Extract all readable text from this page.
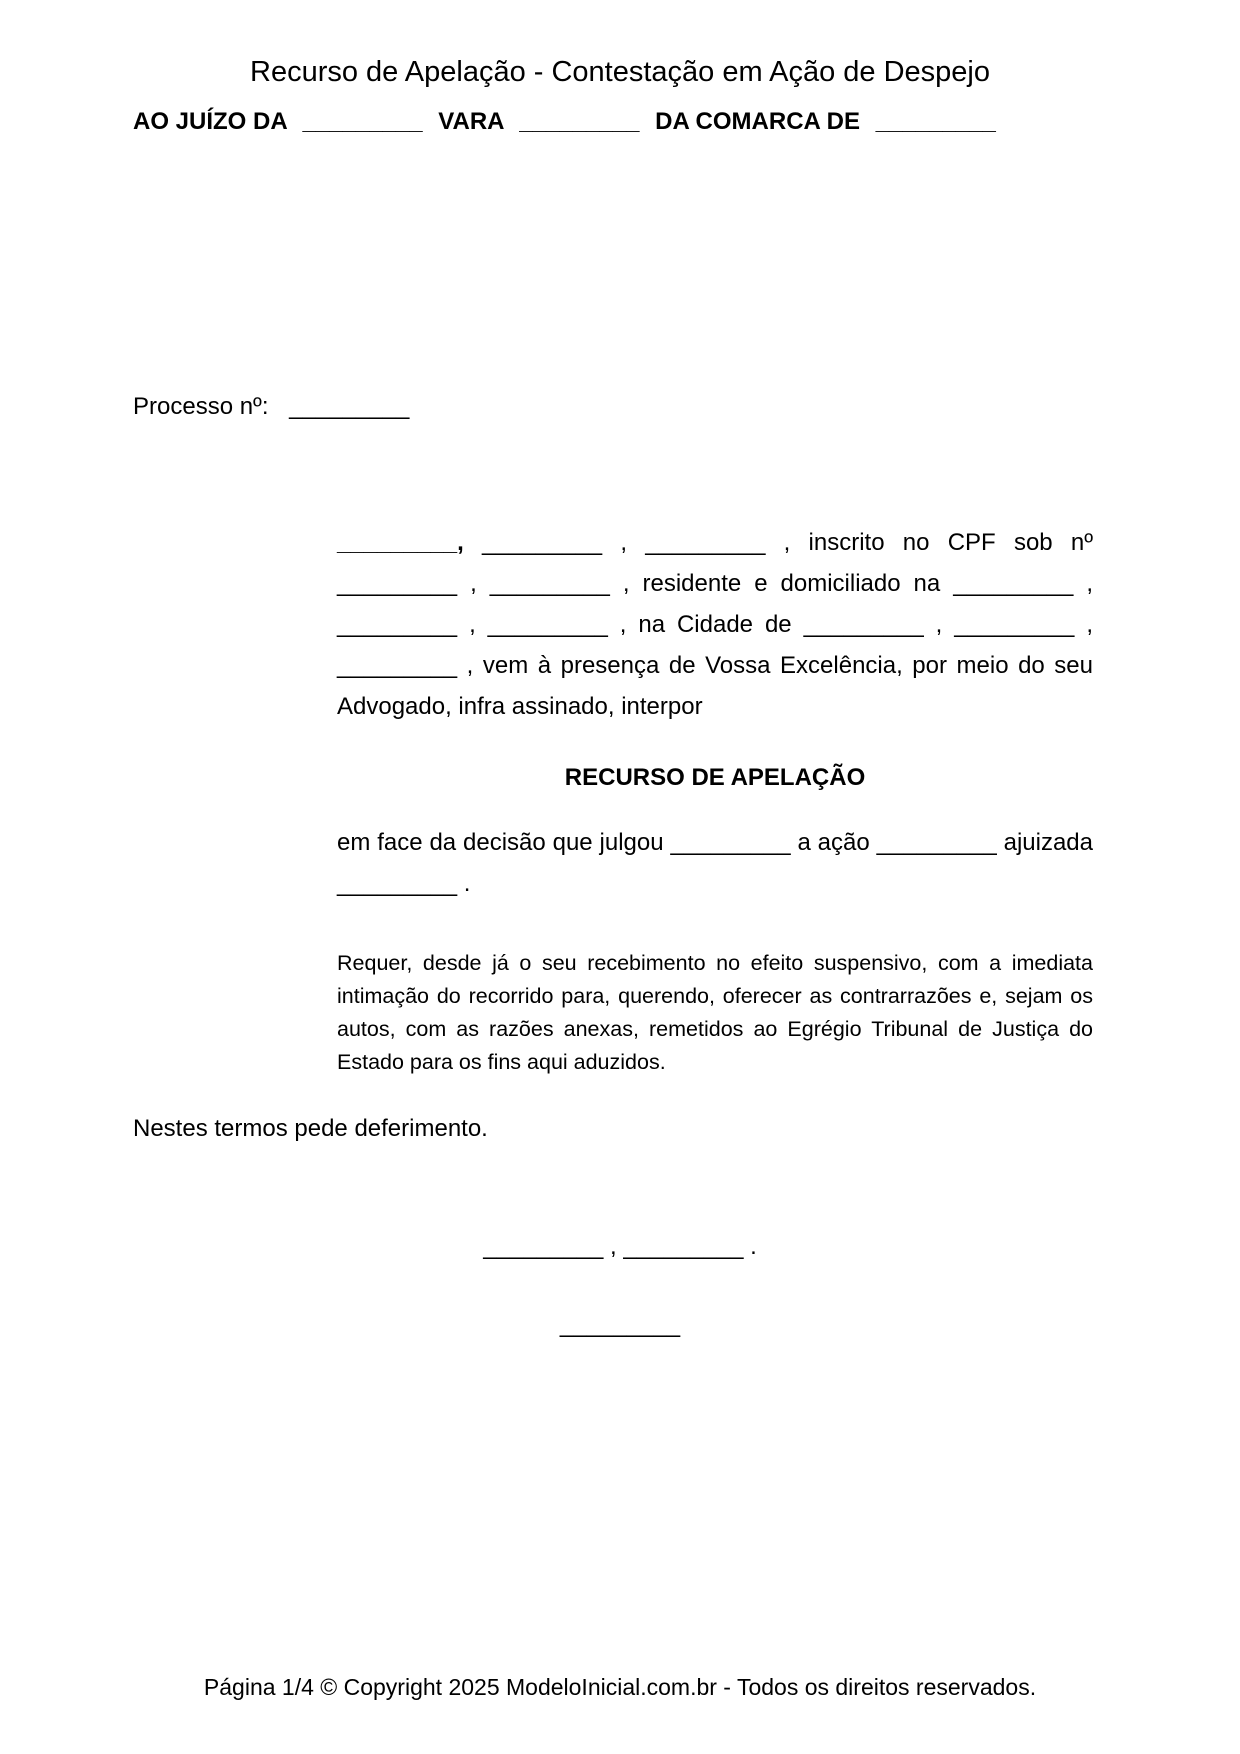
Recurso de Apelação - Contestação em Ação de Despejo
AO JUÍZO DA _________ VARA _________ DA COMARCA DE _________
Processo nº: _________
_________, _________ , _________ , inscrito no CPF sob nº _________ , _________ , residente e domiciliado na _________ , _________ , _________ , na Cidade de _________ , _________ , _________ , vem à presença de Vossa Excelência, por meio do seu Advogado, infra assinado, interpor
RECURSO DE APELAÇÃO
em face da decisão que julgou _________ a ação _________ ajuizada _________ .
Requer, desde já o seu recebimento no efeito suspensivo, com a imediata intimação do recorrido para, querendo, oferecer as contrarrazões e, sejam os autos, com as razões anexas, remetidos ao Egrégio Tribunal de Justiça do Estado para os fins aqui aduzidos.
Nestes termos pede deferimento.
_________ , _________ .
_________
Página 1/4 © Copyright 2025 ModeloInicial.com.br - Todos os direitos reservados.
